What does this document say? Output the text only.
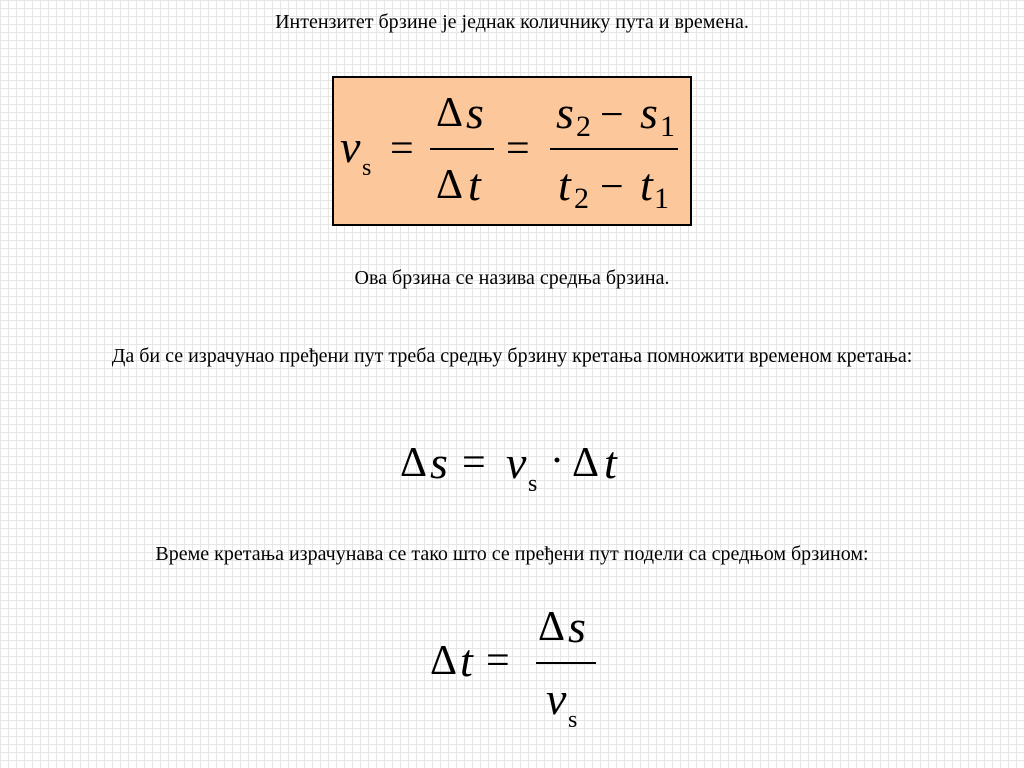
Интензитет брзине је једнак количнику пута и времена.
v s =
Δ s
Δ t
=
s 2 − s 1
t 2 − t 1
Ова брзина се назива средња брзина.
Да би се израчунао пређени пут треба средњу брзину кретања помножити временом кретања:
Δ s = v s · Δ t
Време кретања израчунава се тако што се пређени пут подели са средњом брзином:
Δ t =
Δ s
v s
